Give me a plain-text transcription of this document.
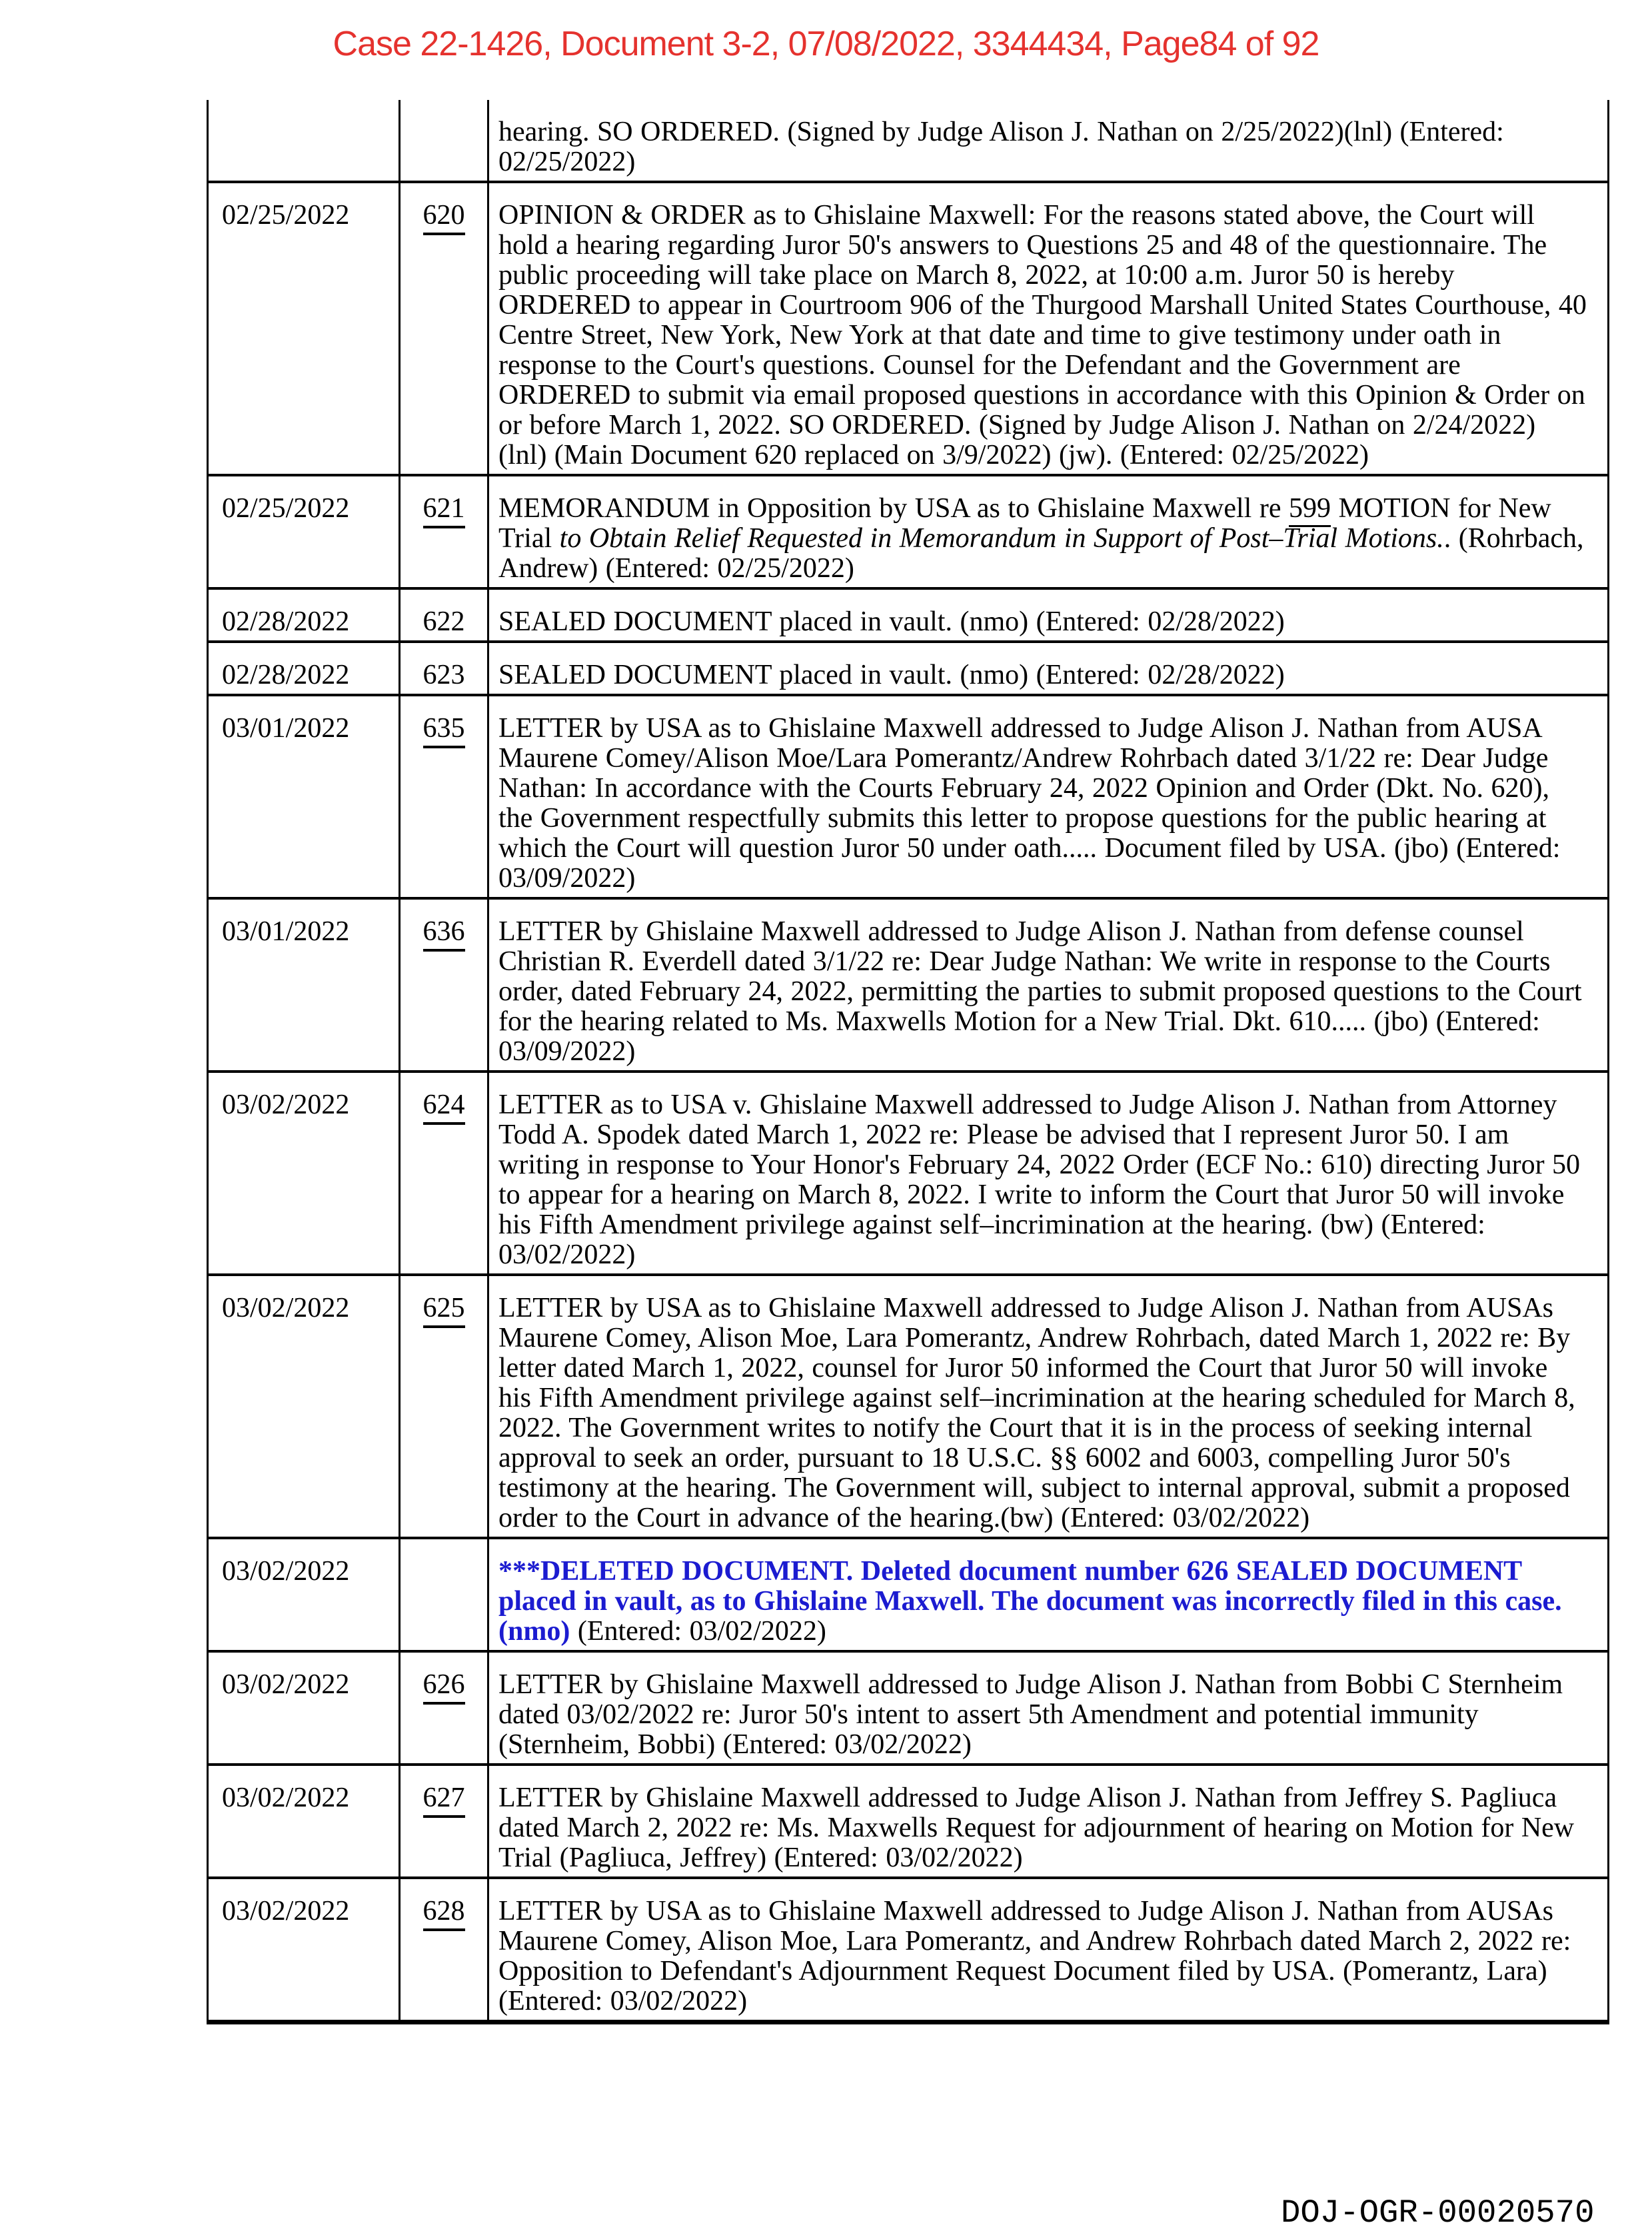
Case 22-1426, Document 3-2, 07/08/2022, 3344434, Page84 of 92
		hearing. SO ORDERED. (Signed by Judge Alison J. Nathan on 2/25/2022)(lnl) (Entered: 02/25/2022)
02/25/2022	620	OPINION & ORDER as to Ghislaine Maxwell: For the reasons stated above, the Court will hold a hearing regarding Juror 50's answers to Questions 25 and 48 of the questionnaire. The public proceeding will take place on March 8, 2022, at 10:00 a.m. Juror 50 is hereby ORDERED to appear in Courtroom 906 of the Thurgood Marshall United States Courthouse, 40 Centre Street, New York, New York at that date and time to give testimony under oath in response to the Court's questions. Counsel for the Defendant and the Government are ORDERED to submit via email proposed questions in accordance with this Opinion & Order on or before March 1, 2022. SO ORDERED. (Signed by Judge Alison J. Nathan on 2/24/2022) (lnl) (Main Document 620 replaced on 3/9/2022) (jw). (Entered: 02/25/2022)
02/25/2022	621	MEMORANDUM in Opposition by USA as to Ghislaine Maxwell re 599 MOTION for New Trial to Obtain Relief Requested in Memorandum in Support of Post–Trial Motions.. (Rohrbach, Andrew) (Entered: 02/25/2022)
02/28/2022	622	SEALED DOCUMENT placed in vault. (nmo) (Entered: 02/28/2022)
02/28/2022	623	SEALED DOCUMENT placed in vault. (nmo) (Entered: 02/28/2022)
03/01/2022	635	LETTER by USA as to Ghislaine Maxwell addressed to Judge Alison J. Nathan from AUSA Maurene Comey/Alison Moe/Lara Pomerantz/Andrew Rohrbach dated 3/1/22 re: Dear Judge Nathan: In accordance with the Courts February 24, 2022 Opinion and Order (Dkt. No. 620), the Government respectfully submits this letter to propose questions for the public hearing at which the Court will question Juror 50 under oath..... Document filed by USA. (jbo) (Entered: 03/09/2022)
03/01/2022	636	LETTER by Ghislaine Maxwell addressed to Judge Alison J. Nathan from defense counsel Christian R. Everdell dated 3/1/22 re: Dear Judge Nathan: We write in response to the Courts order, dated February 24, 2022, permitting the parties to submit proposed questions to the Court for the hearing related to Ms. Maxwells Motion for a New Trial. Dkt. 610..... (jbo) (Entered: 03/09/2022)
03/02/2022	624	LETTER as to USA v. Ghislaine Maxwell addressed to Judge Alison J. Nathan from Attorney Todd A. Spodek dated March 1, 2022 re: Please be advised that I represent Juror 50. I am writing in response to Your Honor's February 24, 2022 Order (ECF No.: 610) directing Juror 50 to appear for a hearing on March 8, 2022. I write to inform the Court that Juror 50 will invoke his Fifth Amendment privilege against self–incrimination at the hearing. (bw) (Entered: 03/02/2022)
03/02/2022	625	LETTER by USA as to Ghislaine Maxwell addressed to Judge Alison J. Nathan from AUSAs Maurene Comey, Alison Moe, Lara Pomerantz, Andrew Rohrbach, dated March 1, 2022 re: By letter dated March 1, 2022, counsel for Juror 50 informed the Court that Juror 50 will invoke his Fifth Amendment privilege against self–incrimination at the hearing scheduled for March 8, 2022. The Government writes to notify the Court that it is in the process of seeking internal approval to seek an order, pursuant to 18 U.S.C. §§ 6002 and 6003, compelling Juror 50's testimony at the hearing. The Government will, subject to internal approval, submit a proposed order to the Court in advance of the hearing.(bw) (Entered: 03/02/2022)
03/02/2022		***DELETED DOCUMENT. Deleted document number 626 SEALED DOCUMENT placed in vault, as to Ghislaine Maxwell. The document was incorrectly filed in this case. (nmo) (Entered: 03/02/2022)
03/02/2022	626	LETTER by Ghislaine Maxwell addressed to Judge Alison J. Nathan from Bobbi C Sternheim dated 03/02/2022 re: Juror 50's intent to assert 5th Amendment and potential immunity (Sternheim, Bobbi) (Entered: 03/02/2022)
03/02/2022	627	LETTER by Ghislaine Maxwell addressed to Judge Alison J. Nathan from Jeffrey S. Pagliuca dated March 2, 2022 re: Ms. Maxwells Request for adjournment of hearing on Motion for New Trial (Pagliuca, Jeffrey) (Entered: 03/02/2022)
03/02/2022	628	LETTER by USA as to Ghislaine Maxwell addressed to Judge Alison J. Nathan from AUSAs Maurene Comey, Alison Moe, Lara Pomerantz, and Andrew Rohrbach dated March 2, 2022 re: Opposition to Defendant's Adjournment Request Document filed by USA. (Pomerantz, Lara) (Entered: 03/02/2022)
DOJ-OGR-00020570
